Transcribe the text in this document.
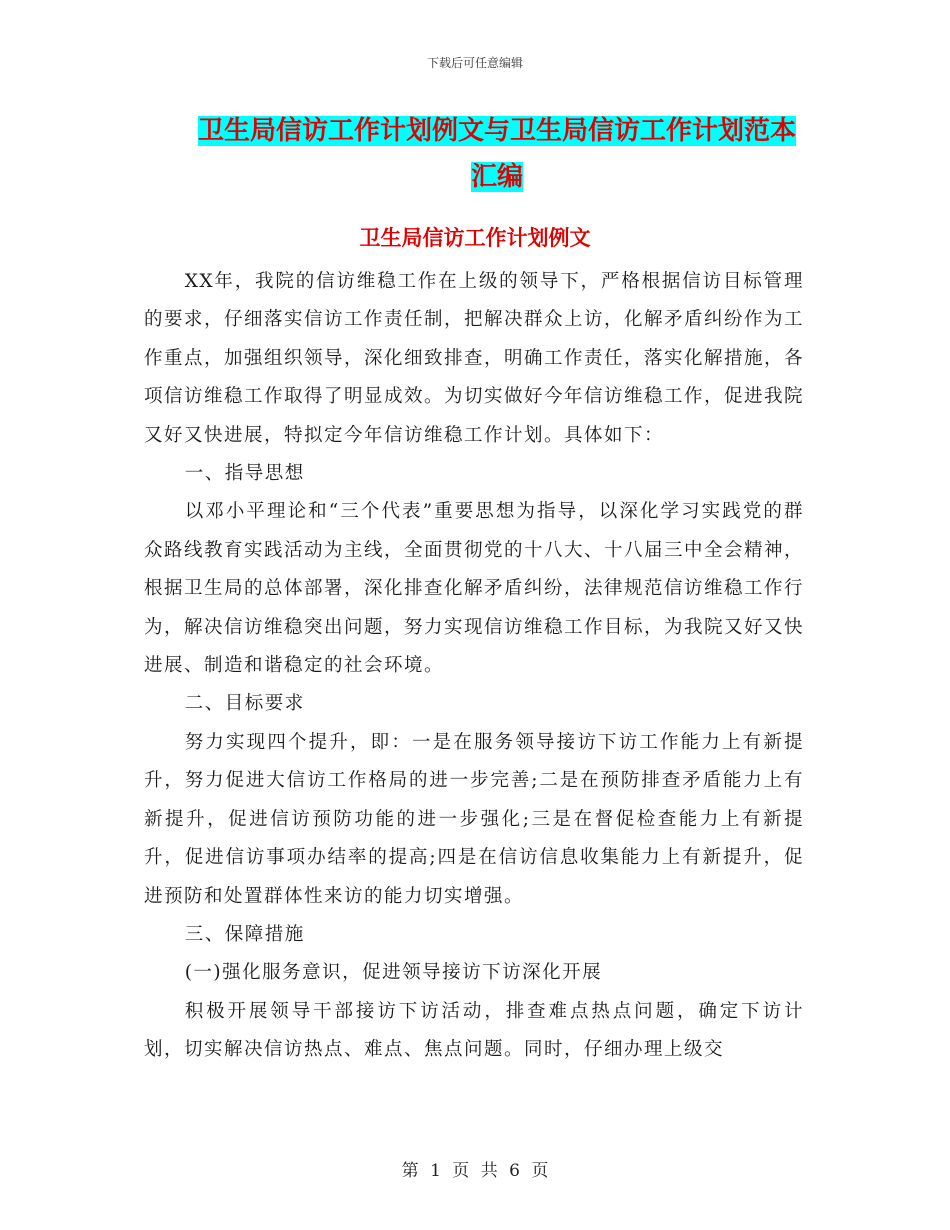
下载后可任意编辑
卫生局信访工作计划例文与卫生局信访工作计划范本汇编
卫生局信访工作计划例文

XX年，我院的信访维稳工作在上级的领导下，严格根据信访目标管理的要求，仔细落实信访工作责任制，把解决群众上访，化解矛盾纠纷作为工作重点，加强组织领导，深化细致排查，明确工作责任，落实化解措施，各项信访维稳工作取得了明显成效。为切实做好今年信访维稳工作，促进我院又好又快进展，特拟定今年信访维稳工作计划。具体如下：

一、指导思想

以邓小平理论和“三个代表”重要思想为指导，以深化学习实践党的群众路线教育实践活动为主线，全面贯彻党的十八大、十八届三中全会精神，根据卫生局的总体部署，深化排查化解矛盾纠纷，法律规范信访维稳工作行为，解决信访维稳突出问题，努力实现信访维稳工作目标，为我院又好又快进展、制造和谐稳定的社会环境。

二、目标要求

努力实现四个提升，即：一是在服务领导接访下访工作能力上有新提升，努力促进大信访工作格局的进一步完善;二是在预防排查矛盾能力上有新提升，促进信访预防功能的进一步强化;三是在督促检查能力上有新提升，促进信访事项办结率的提高;四是在信访信息收集能力上有新提升，促进预防和处置群体性来访的能力切实增强。

三、保障措施

(一)强化服务意识，促进领导接访下访深化开展

积极开展领导干部接访下访活动，排查难点热点问题，确定下访计划，切实解决信访热点、难点、焦点问题。同时，仔细办理上级交

第 1 页 共 6 页
